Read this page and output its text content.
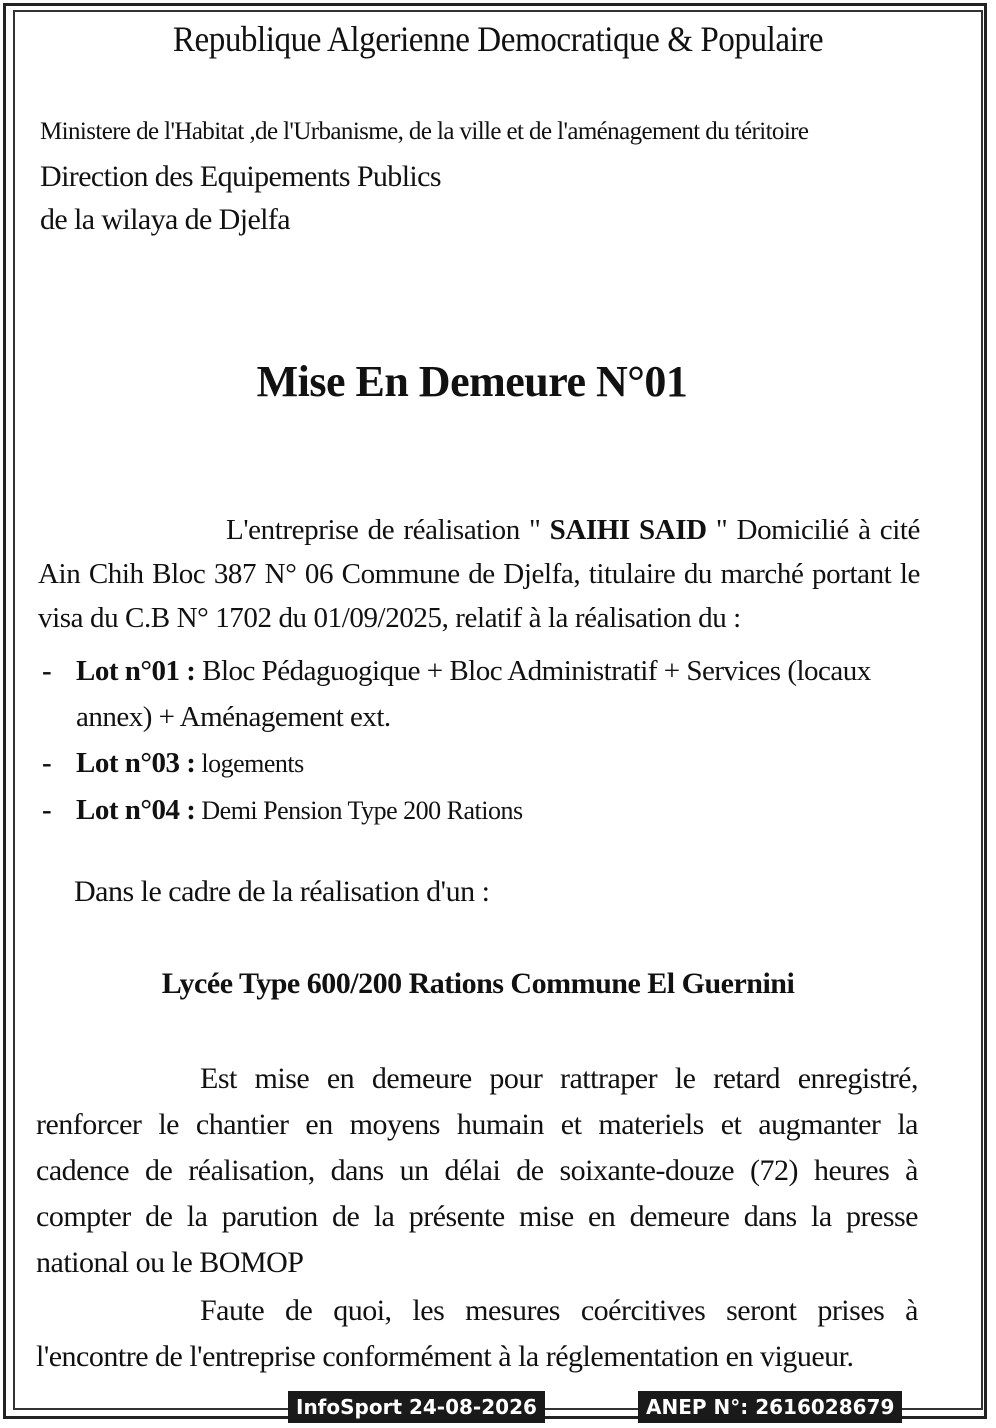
Republique Algerienne Democratique & Populaire
Ministere de l'Habitat ,de l'Urbanisme, de la ville et de l'aménagement du téritoire
Direction des Equipements Publics
de la wilaya de Djelfa
Mise En Demeure N°01
L'entreprise de réalisation " SAIHI SAID " Domicilié à cité Ain Chih Bloc 387 N° 06 Commune de Djelfa, titulaire du marché portant le visa du C.B N° 1702 du 01/09/2025, relatif à la réalisation du :
- Lot n°01 : Bloc Pédaguogique + Bloc Administratif + Services (locaux annex) + Aménagement ext.
- Lot n°03 : logements
- Lot n°04 : Demi Pension Type 200 Rations
Dans le cadre de la réalisation d'un :
Lycée Type 600/200 Rations Commune El Guernini
Est mise en demeure pour rattraper le retard enregistré, renforcer le chantier en moyens humain et materiels et augmanter la cadence de réalisation, dans un délai de soixante-douze (72) heures à compter de la parution de la présente mise en demeure dans la presse national ou le BOMOP
Faute de quoi, les mesures coércitives seront prises à l'encontre de l'entreprise conformément à la réglementation en vigueur.
InfoSport 24-08-2026	ANEP N°: 2616028679
